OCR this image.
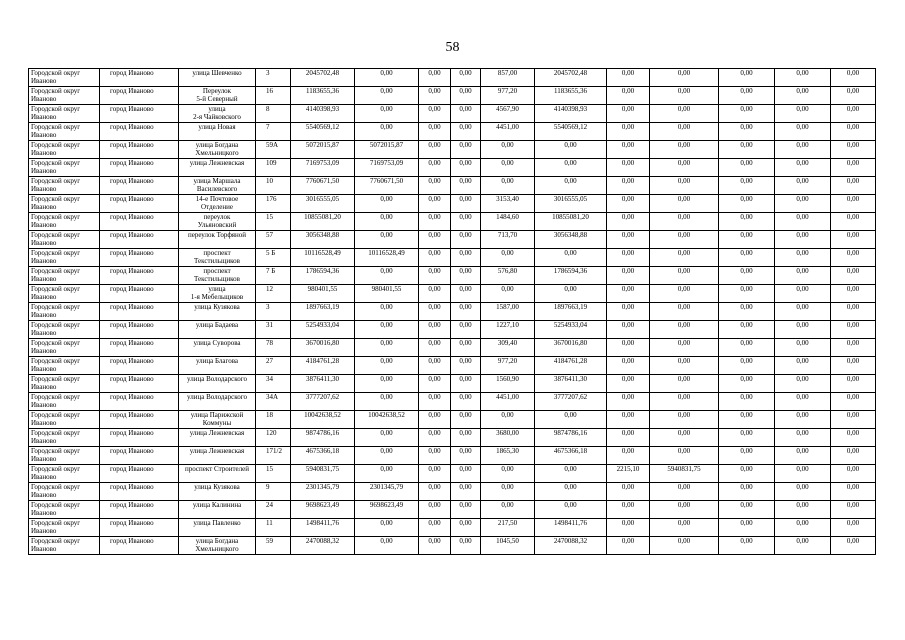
58
Городской округ
Иваново	город Иваново	улица Шевченко	3	2045702,48	0,00	0,00	0,00	857,00	2045702,48	0,00	0,00	0,00	0,00	0,00
Городской округ
Иваново	город Иваново	Переулок
5-й Северный	16	1183655,36	0,00	0,00	0,00	977,20	1183655,36	0,00	0,00	0,00	0,00	0,00
Городской округ
Иваново	город Иваново	улица
2-я Чайковского	8	4140398,93	0,00	0,00	0,00	4567,90	4140398,93	0,00	0,00	0,00	0,00	0,00
Городской округ
Иваново	город Иваново	улица Новая	7	5540569,12	0,00	0,00	0,00	4451,00	5540569,12	0,00	0,00	0,00	0,00	0,00
Городской округ
Иваново	город Иваново	улица Богдана
Хмельницкого	59А	5072015,87	5072015,87	0,00	0,00	0,00	0,00	0,00	0,00	0,00	0,00	0,00
Городской округ
Иваново	город Иваново	улица Лежневская	109	7169753,09	7169753,09	0,00	0,00	0,00	0,00	0,00	0,00	0,00	0,00	0,00
Городской округ
Иваново	город Иваново	улица Маршала
Василевского	10	7760671,50	7760671,50	0,00	0,00	0,00	0,00	0,00	0,00	0,00	0,00	0,00
Городской округ
Иваново	город Иваново	14-е Почтовое
Отделение	176	3016555,05	0,00	0,00	0,00	3153,40	3016555,05	0,00	0,00	0,00	0,00	0,00
Городской округ
Иваново	город Иваново	переулок
Ульяновский	15	10855081,20	0,00	0,00	0,00	1484,60	10855081,20	0,00	0,00	0,00	0,00	0,00
Городской округ
Иваново	город Иваново	переулок Торфяной	57	3056348,88	0,00	0,00	0,00	713,70	3056348,88	0,00	0,00	0,00	0,00	0,00
Городской округ
Иваново	город Иваново	проспект
Текстильщиков	5 Б	10116528,49	10116528,49	0,00	0,00	0,00	0,00	0,00	0,00	0,00	0,00	0,00
Городской округ
Иваново	город Иваново	проспект
Текстильщиков	7 Б	1786594,36	0,00	0,00	0,00	576,80	1786594,36	0,00	0,00	0,00	0,00	0,00
Городской округ
Иваново	город Иваново	улица
1-я Мебельщиков	12	980401,55	980401,55	0,00	0,00	0,00	0,00	0,00	0,00	0,00	0,00	0,00
Городской округ
Иваново	город Иваново	улица Кузякова	3	1897663,19	0,00	0,00	0,00	1587,00	1897663,19	0,00	0,00	0,00	0,00	0,00
Городской округ
Иваново	город Иваново	улица Бадаева	31	5254933,04	0,00	0,00	0,00	1227,10	5254933,04	0,00	0,00	0,00	0,00	0,00
Городской округ
Иваново	город Иваново	улица Суворова	78	3670016,80	0,00	0,00	0,00	309,40	3670016,80	0,00	0,00	0,00	0,00	0,00
Городской округ
Иваново	город Иваново	улица Благова	27	4184761,28	0,00	0,00	0,00	977,20	4184761,28	0,00	0,00	0,00	0,00	0,00
Городской округ
Иваново	город Иваново	улица Володарского	34	3876411,30	0,00	0,00	0,00	1560,90	3876411,30	0,00	0,00	0,00	0,00	0,00
Городской округ
Иваново	город Иваново	улица Володарского	34А	3777207,62	0,00	0,00	0,00	4451,00	3777207,62	0,00	0,00	0,00	0,00	0,00
Городской округ
Иваново	город Иваново	улица Парижской
Коммуны	18	10042638,52	10042638,52	0,00	0,00	0,00	0,00	0,00	0,00	0,00	0,00	0,00
Городской округ
Иваново	город Иваново	улица Лежневская	120	9874786,16	0,00	0,00	0,00	3680,00	9874786,16	0,00	0,00	0,00	0,00	0,00
Городской округ
Иваново	город Иваново	улица Лежневская	171/2	4675366,18	0,00	0,00	0,00	1865,30	4675366,18	0,00	0,00	0,00	0,00	0,00
Городской округ
Иваново	город Иваново	проспект Строителей	15	5940831,75	0,00	0,00	0,00	0,00	0,00	2215,10	5940831,75	0,00	0,00	0,00
Городской округ
Иваново	город Иваново	улица Кузякова	9	2301345,79	2301345,79	0,00	0,00	0,00	0,00	0,00	0,00	0,00	0,00	0,00
Городской округ
Иваново	город Иваново	улица Калинина	24	9698623,49	9698623,49	0,00	0,00	0,00	0,00	0,00	0,00	0,00	0,00	0,00
Городской округ
Иваново	город Иваново	улица Павленко	11	1498411,76	0,00	0,00	0,00	217,50	1498411,76	0,00	0,00	0,00	0,00	0,00
Городской округ
Иваново	город Иваново	улица Богдана
Хмельницкого	59	2470088,32	0,00	0,00	0,00	1045,50	2470088,32	0,00	0,00	0,00	0,00	0,00
